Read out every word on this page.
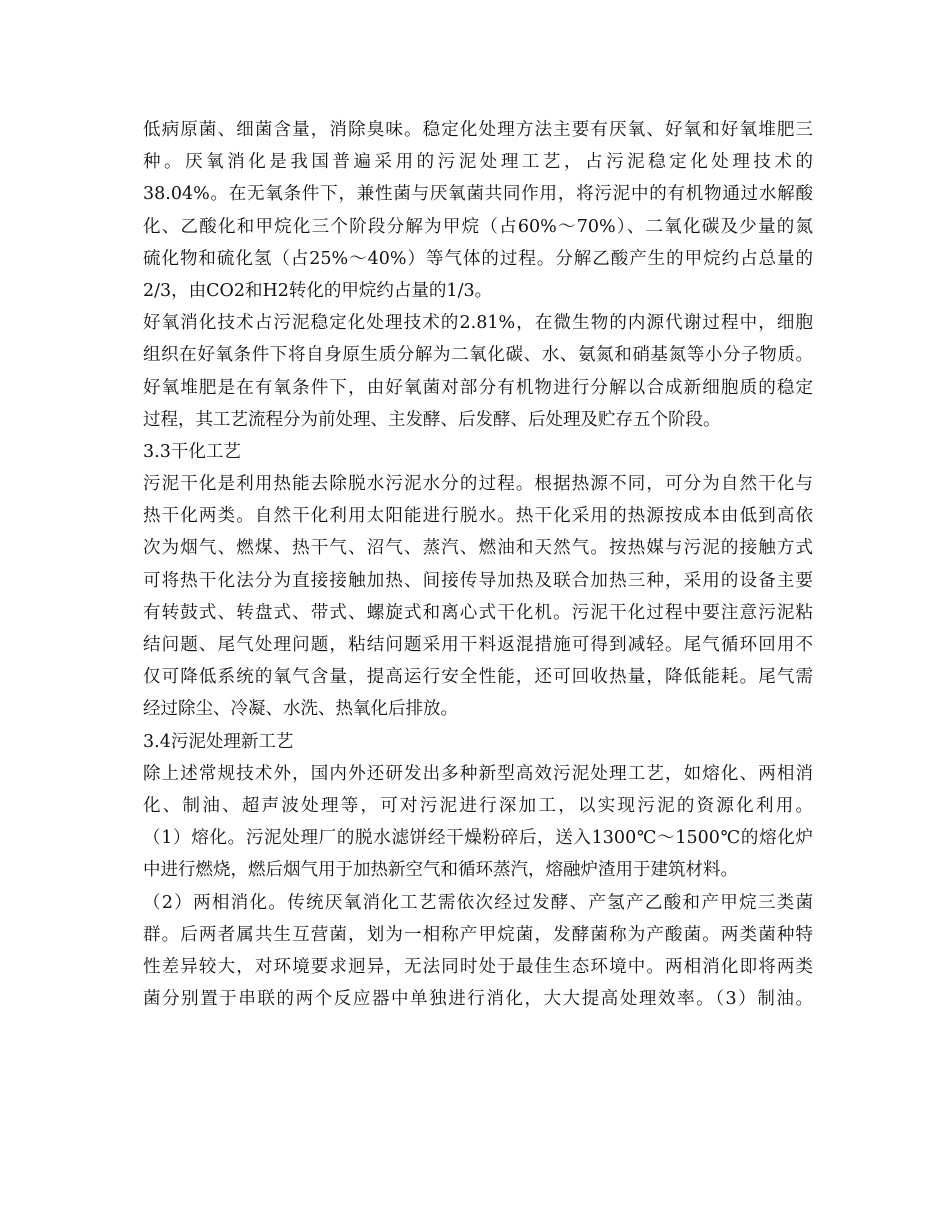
低病原菌、细菌含量，消除臭味。稳定化处理方法主要有厌氧、好氧和好氧堆肥三
种。厌氧消化是我国普遍采用的污泥处理工艺，占污泥稳定化处理技术的
38.04%。在无氧条件下，兼性菌与厌氧菌共同作用，将污泥中的有机物通过水解酸
化、乙酸化和甲烷化三个阶段分解为甲烷（占60%～70%）、二氧化碳及少量的氮
硫化物和硫化氢（占25%～40%）等气体的过程。分解乙酸产生的甲烷约占总量的
2/3，由CO2和H2转化的甲烷约占量的1/3。
好氧消化技术占污泥稳定化处理技术的2.81%，在微生物的内源代谢过程中，细胞
组织在好氧条件下将自身原生质分解为二氧化碳、水、氨氮和硝基氮等小分子物质。
好氧堆肥是在有氧条件下，由好氧菌对部分有机物进行分解以合成新细胞质的稳定
过程，其工艺流程分为前处理、主发酵、后发酵、后处理及贮存五个阶段。
3.3干化工艺
污泥干化是利用热能去除脱水污泥水分的过程。根据热源不同，可分为自然干化与
热干化两类。自然干化利用太阳能进行脱水。热干化采用的热源按成本由低到高依
次为烟气、燃煤、热干气、沼气、蒸汽、燃油和天然气。按热媒与污泥的接触方式
可将热干化法分为直接接触加热、间接传导加热及联合加热三种，采用的设备主要
有转鼓式、转盘式、带式、螺旋式和离心式干化机。污泥干化过程中要注意污泥粘
结问题、尾气处理问题，粘结问题采用干料返混措施可得到减轻。尾气循环回用不
仅可降低系统的氧气含量，提高运行安全性能，还可回收热量，降低能耗。尾气需
经过除尘、冷凝、水洗、热氧化后排放。
3.4污泥处理新工艺
除上述常规技术外，国内外还研发出多种新型高效污泥处理工艺，如熔化、两相消
化、制油、超声波处理等，可对污泥进行深加工，以实现污泥的资源化利用。
（1）熔化。污泥处理厂的脱水滤饼经干燥粉碎后，送入1300℃～1500℃的熔化炉
中进行燃烧，燃后烟气用于加热新空气和循环蒸汽，熔融炉渣用于建筑材料。
（2）两相消化。传统厌氧消化工艺需依次经过发酵、产氢产乙酸和产甲烷三类菌
群。后两者属共生互营菌，划为一相称产甲烷菌，发酵菌称为产酸菌。两类菌种特
性差异较大，对环境要求迥异，无法同时处于最佳生态环境中。两相消化即将两类
菌分别置于串联的两个反应器中单独进行消化，大大提高处理效率。（3）制油。
